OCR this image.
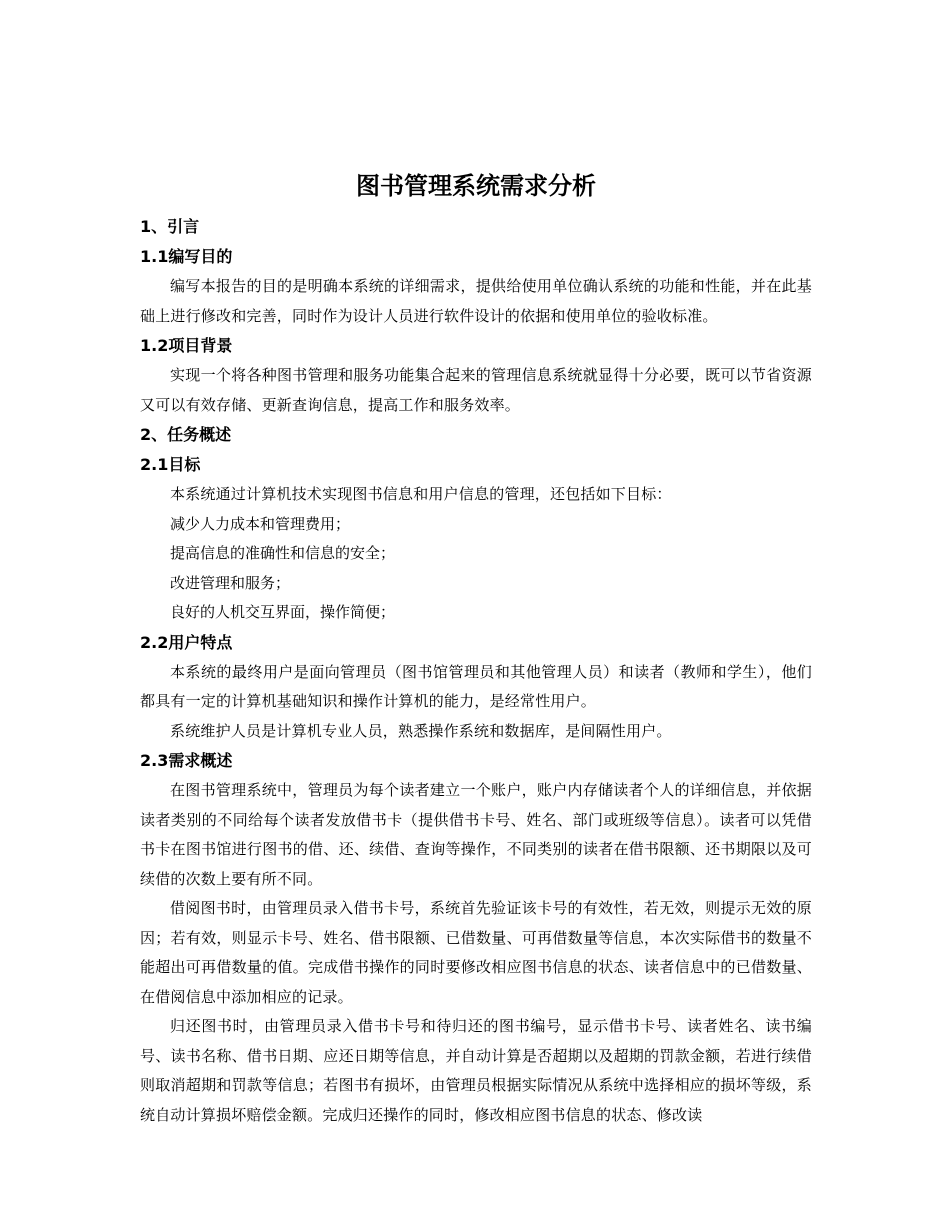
图书管理系统需求分析
1、引言
1.1编写目的

编写本报告的目的是明确本系统的详细需求，提供给使用单位确认系统的功能和性能，并在此基础上进行修改和完善，同时作为设计人员进行软件设计的依据和使用单位的验收标准。

1.2项目背景

实现一个将各种图书管理和服务功能集合起来的管理信息系统就显得十分必要，既可以节省资源又可以有效存储、更新查询信息，提高工作和服务效率。

2、任务概述
2.1目标

本系统通过计算机技术实现图书信息和用户信息的管理，还包括如下目标：

减少人力成本和管理费用；

提高信息的准确性和信息的安全；

改进管理和服务；

良好的人机交互界面，操作简便；

2.2用户特点

本系统的最终用户是面向管理员（图书馆管理员和其他管理人员）和读者（教师和学生），他们都具有一定的计算机基础知识和操作计算机的能力，是经常性用户。

系统维护人员是计算机专业人员，熟悉操作系统和数据库，是间隔性用户。

2.3需求概述

在图书管理系统中，管理员为每个读者建立一个账户，账户内存储读者个人的详细信息，并依据读者类别的不同给每个读者发放借书卡（提供借书卡号、姓名、部门或班级等信息）。读者可以凭借书卡在图书馆进行图书的借、还、续借、查询等操作，不同类别的读者在借书限额、还书期限以及可续借的次数上要有所不同。

借阅图书时，由管理员录入借书卡号，系统首先验证该卡号的有效性，若无效，则提示无效的原因；若有效，则显示卡号、姓名、借书限额、已借数量、可再借数量等信息，本次实际借书的数量不能超出可再借数量的值。完成借书操作的同时要修改相应图书信息的状态、读者信息中的已借数量、在借阅信息中添加相应的记录。

归还图书时，由管理员录入借书卡号和待归还的图书编号，显示借书卡号、读者姓名、读书编号、读书名称、借书日期、应还日期等信息，并自动计算是否超期以及超期的罚款金额，若进行续借则取消超期和罚款等信息；若图书有损坏，由管理员根据实际情况从系统中选择相应的损坏等级，系统自动计算损坏赔偿金额。完成归还操作的同时，修改相应图书信息的状态、修改读
